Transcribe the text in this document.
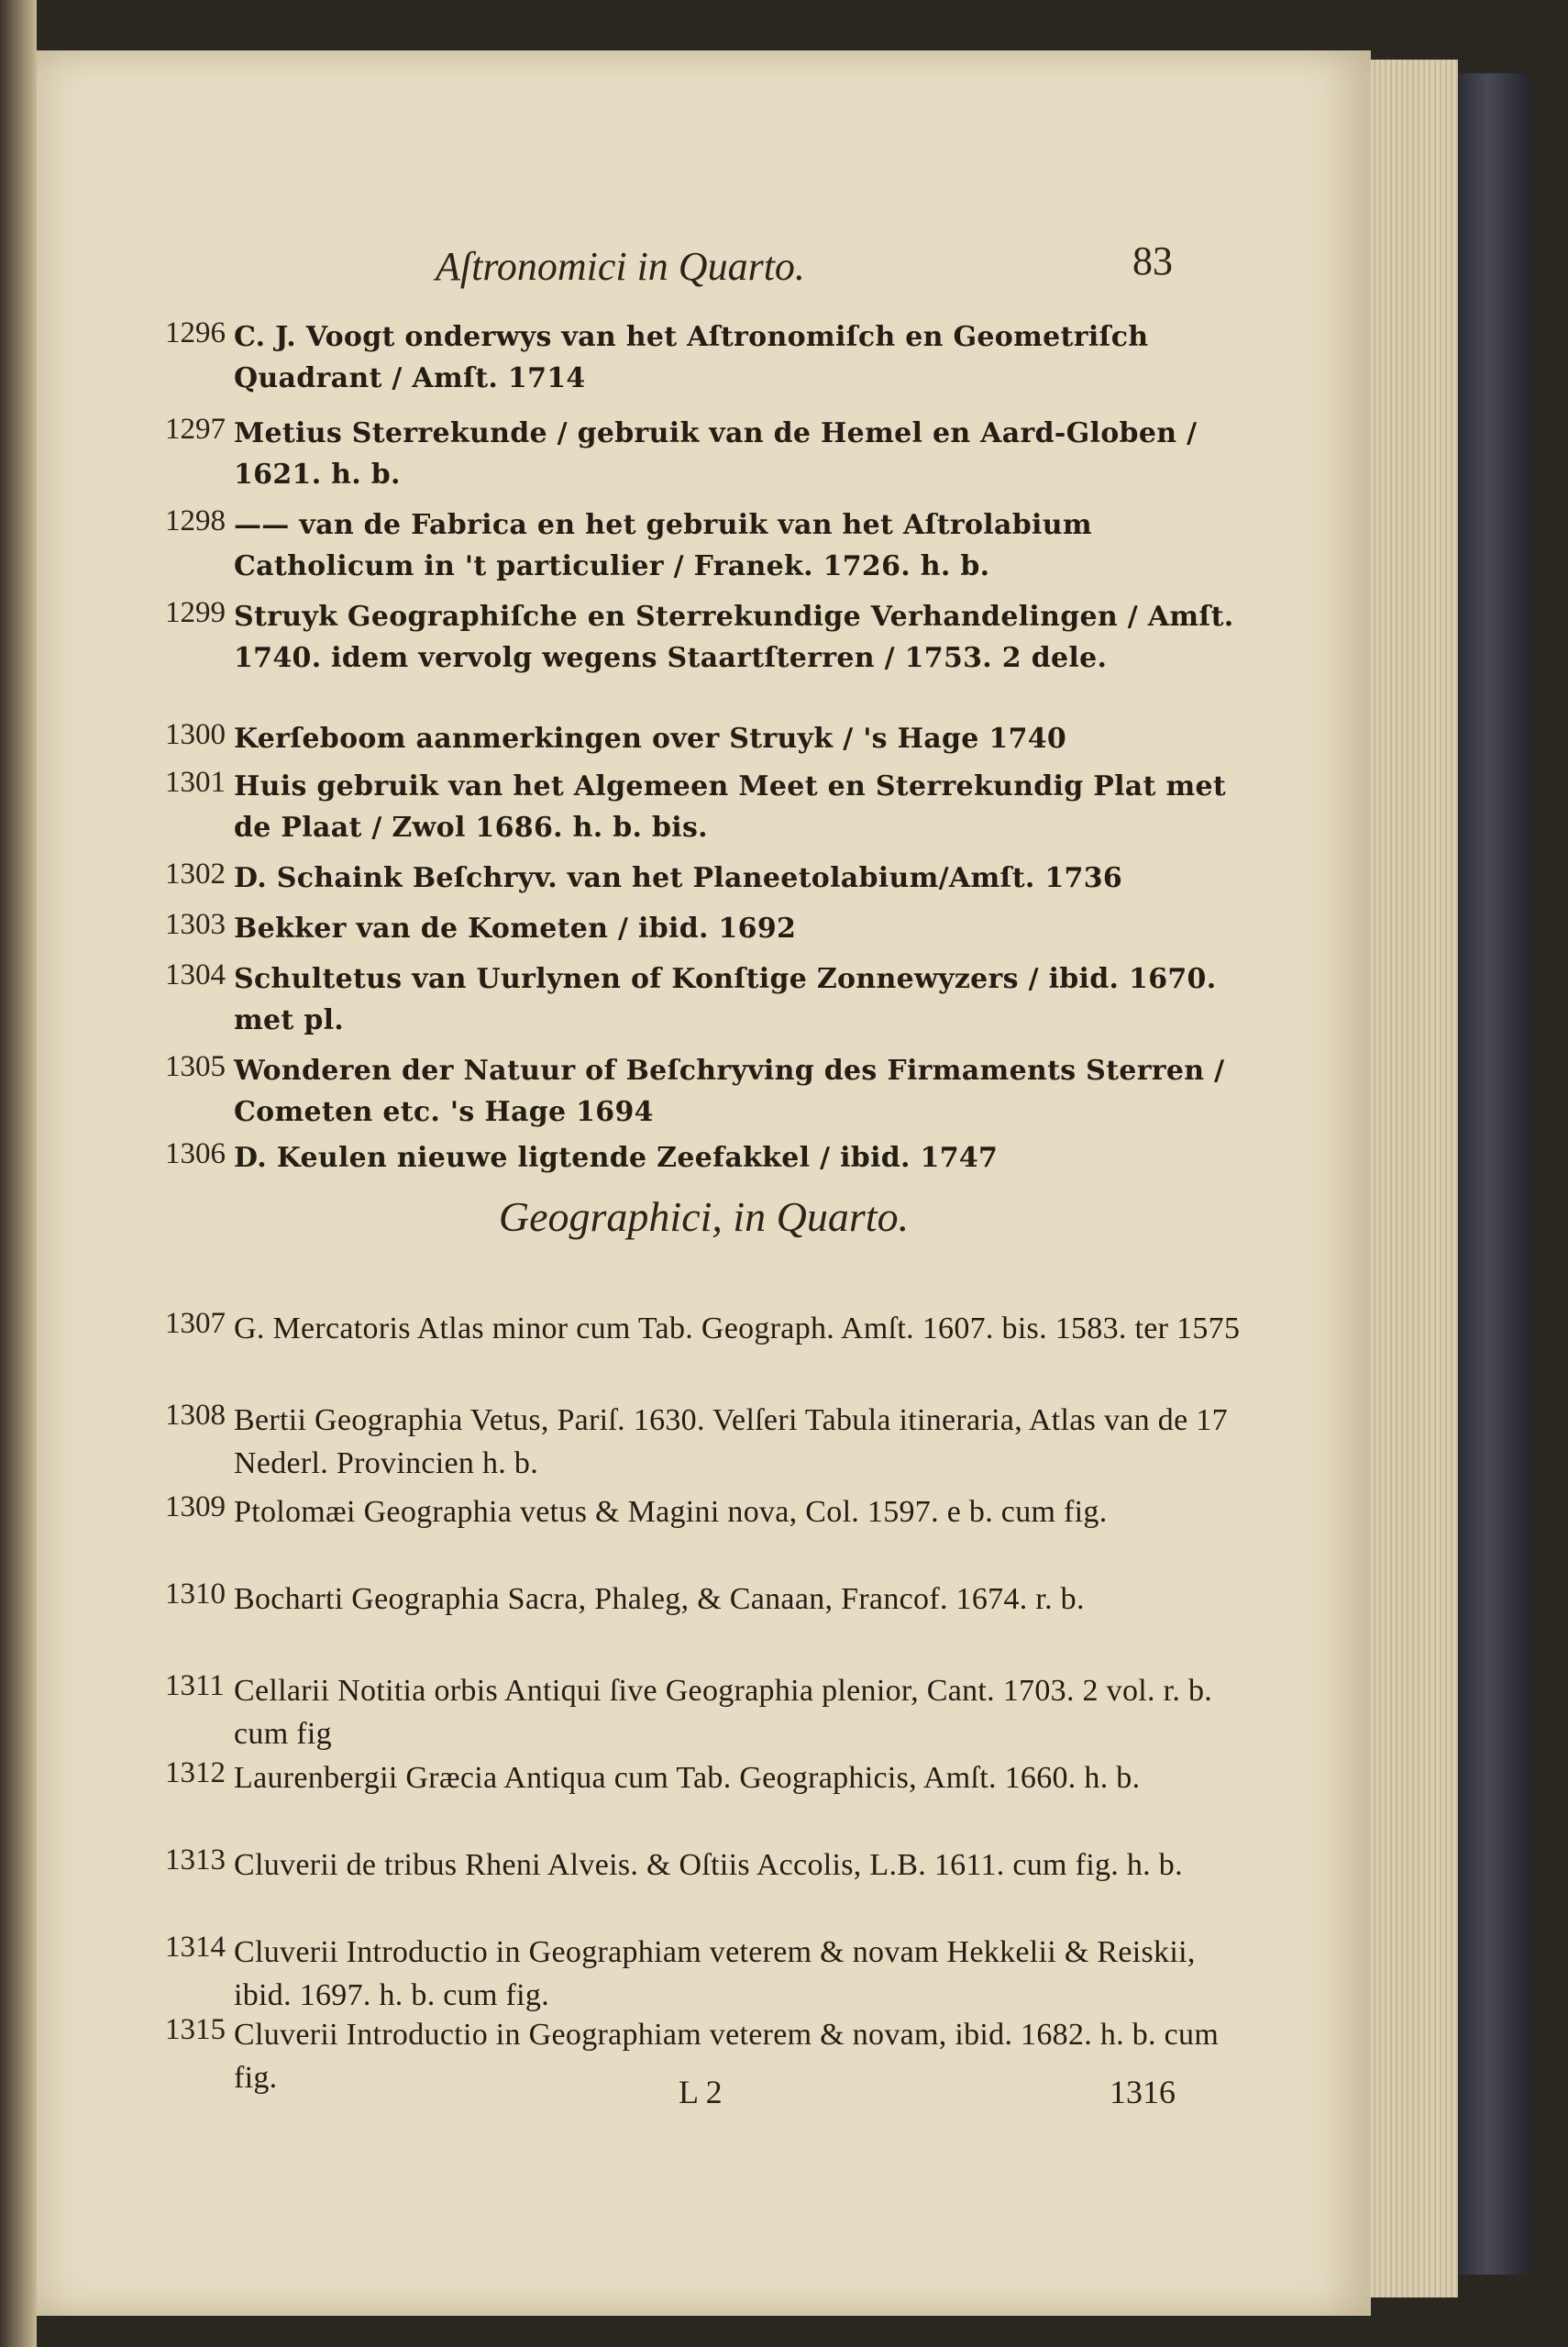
Aſtronomici in Quarto.	83
1296 C. J. Voogt onderwys van het Aſtronomiſch en Geometriſch Quadrant / Amſt. 1714
1297 Metius Sterrekunde / gebruik van de Hemel en Aard-Globen / 1621. h. b.
1298 —— van de Fabrica en het gebruik van het Aſtrolabium Catholicum in 't particulier / Franek. 1726. h. b.
1299 Struyk Geographiſche en Sterrekundige Verhandelingen / Amſt. 1740. idem vervolg wegens Staartſterren / 1753. 2 dele.
1300 Kerſeboom aanmerkingen over Struyk / 's Hage 1740
1301 Huis gebruik van het Algemeen Meet en Sterrekundig Plat met de Plaat / Zwol 1686. h. b. bis.
1302 D. Schaink Beſchryv. van het Planeetolabium/Amſt. 1736
1303 Bekker van de Kometen / ibid. 1692
1304 Schultetus van Uurlynen of Konſtige Zonnewyzers / ibid. 1670. met pl.
1305 Wonderen der Natuur of Beſchryving des Firmaments Sterren / Cometen etc. 's Hage 1694
1306 D. Keulen nieuwe ligtende Zeefakkel / ibid. 1747
Geographici, in Quarto.
1307 G. Mercatoris Atlas minor cum Tab. Geograph. Amſt. 1607. bis. 1583. ter 1575
1308 Bertii Geographia Vetus, Pariſ. 1630. Velſeri Tabula itineraria, Atlas van de 17 Nederl. Provincien h. b.
1309 Ptolomæi Geographia vetus & Magini nova, Col. 1597. e b. cum fig.
1310 Bocharti Geographia Sacra, Phaleg, & Canaan, Francof. 1674. r. b.
1311 Cellarii Notitia orbis Antiqui ſive Geographia plenior, Cant. 1703. 2 vol. r. b. cum fig
1312 Laurenbergii Græcia Antiqua cum Tab. Geographicis, Amſt. 1660. h. b.
1313 Cluverii de tribus Rheni Alveis. & Oſtiis Accolis, L.B. 1611. cum fig. h. b.
1314 Cluverii Introductio in Geographiam veterem & novam Hekkelii & Reiskii, ibid. 1697. h. b. cum fig.
1315 Cluverii Introductio in Geographiam veterem & novam, ibid. 1682. h. b. cum fig.	L 2	1316
